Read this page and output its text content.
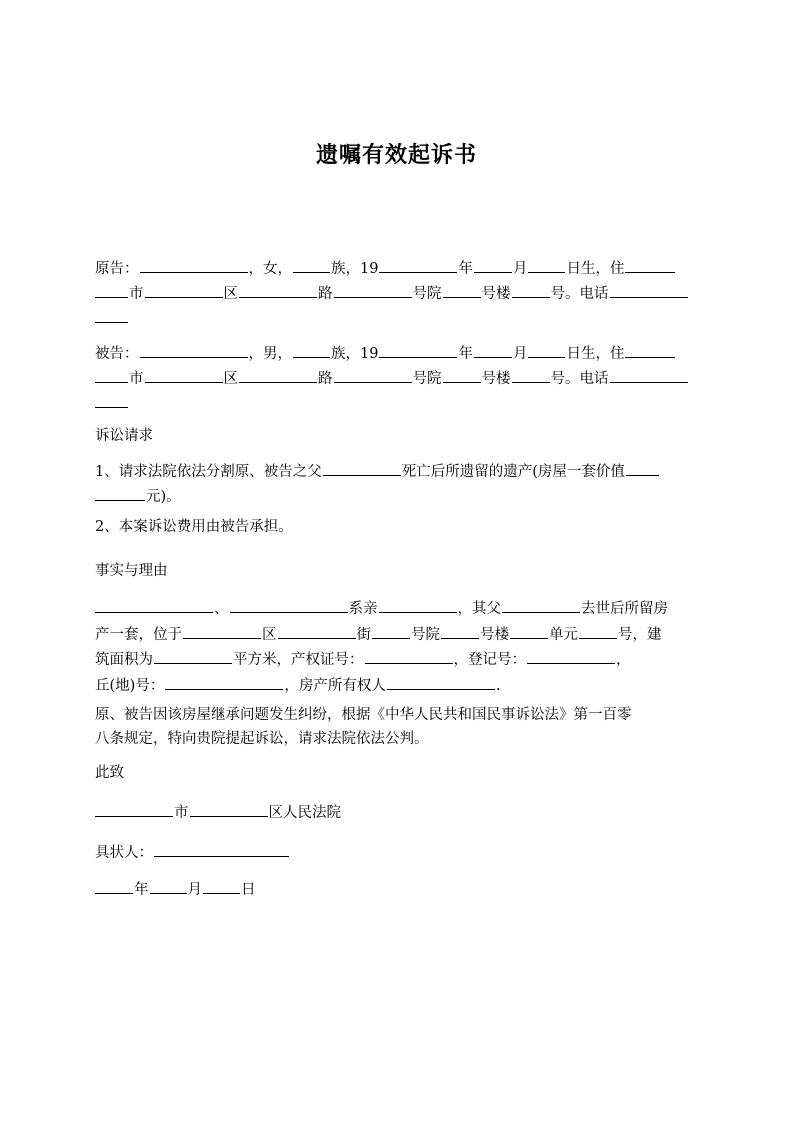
遗嘱有效起诉书
原告：	，女，	族，19	年	月	日生，住
市	区	路	号院	号楼	号。电话

被告：	，男，	族，19	年	月	日生，住
市	区	路	号院	号楼	号。电话

诉讼请求
1、请求法院依法分割原、被告之父	死亡后所遗留的遗产(房屋一套价值
元)。
2、本案诉讼费用由被告承担。
事实与理由
、	系亲	，其父	去世后所留房
产一套，位于	区	街	号院	号楼	单元	号，建
筑面积为	平方米，产权证号：	，登记号：	，
丘(地)号：	，房产所有权人	.
原、被告因该房屋继承问题发生纠纷，根据《中华人民共和国民事诉讼法》第一百零
八条规定，特向贵院提起诉讼，请求法院依法公判。
此致
市	区人民法院
具状人：
年	月	日
